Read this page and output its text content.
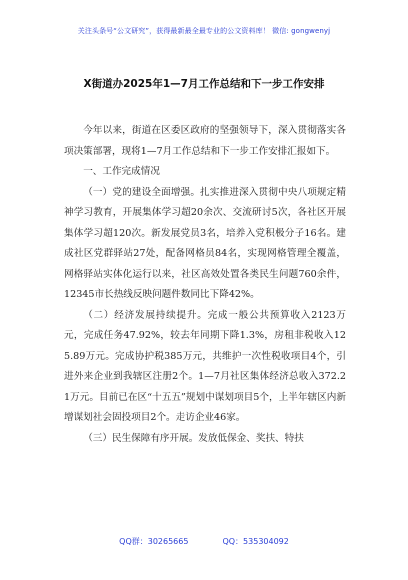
关注头条号“公文研究”，获得最新最全最专业的公文资料库！ 微信: gongwenyj
X街道办2025年1—7月工作总结和下一步工作安排

今年以来，街道在区委区政府的坚强领导下，深入贯彻落实各项决策部署，现将1—7月工作总结和下一步工作安排汇报如下。

一、工作完成情况

（一）党的建设全面增强。扎实推进深入贯彻中央八项规定精神学习教育，开展集体学习超20余次、交流研讨5次，各社区开展集体学习超120次。新发展党员3名，培养入党积极分子16名。建成社区党群驿站27处，配备网格员84名，实现网格管理全覆盖，网格驿站实体化运行以来，社区高效处置各类民生问题760余件，12345市长热线反映问题件数同比下降42%。

（二）经济发展持续提升。完成一般公共预算收入2123万元，完成任务47.92%，较去年同期下降1.3%，房租非税收入125.89万元。完成协护税385万元，共维护一次性税收项目4个，引进外来企业到我辖区注册2个。1—7月社区集体经济总收入372.21万元。目前已在区“十五五”规划中谋划项目5个，上半年辖区内新增谋划社会固投项目2个。走访企业46家。

（三）民生保障有序开展。发放低保金、奖扶、特扶

QQ群：30265665	QQ：535304092
